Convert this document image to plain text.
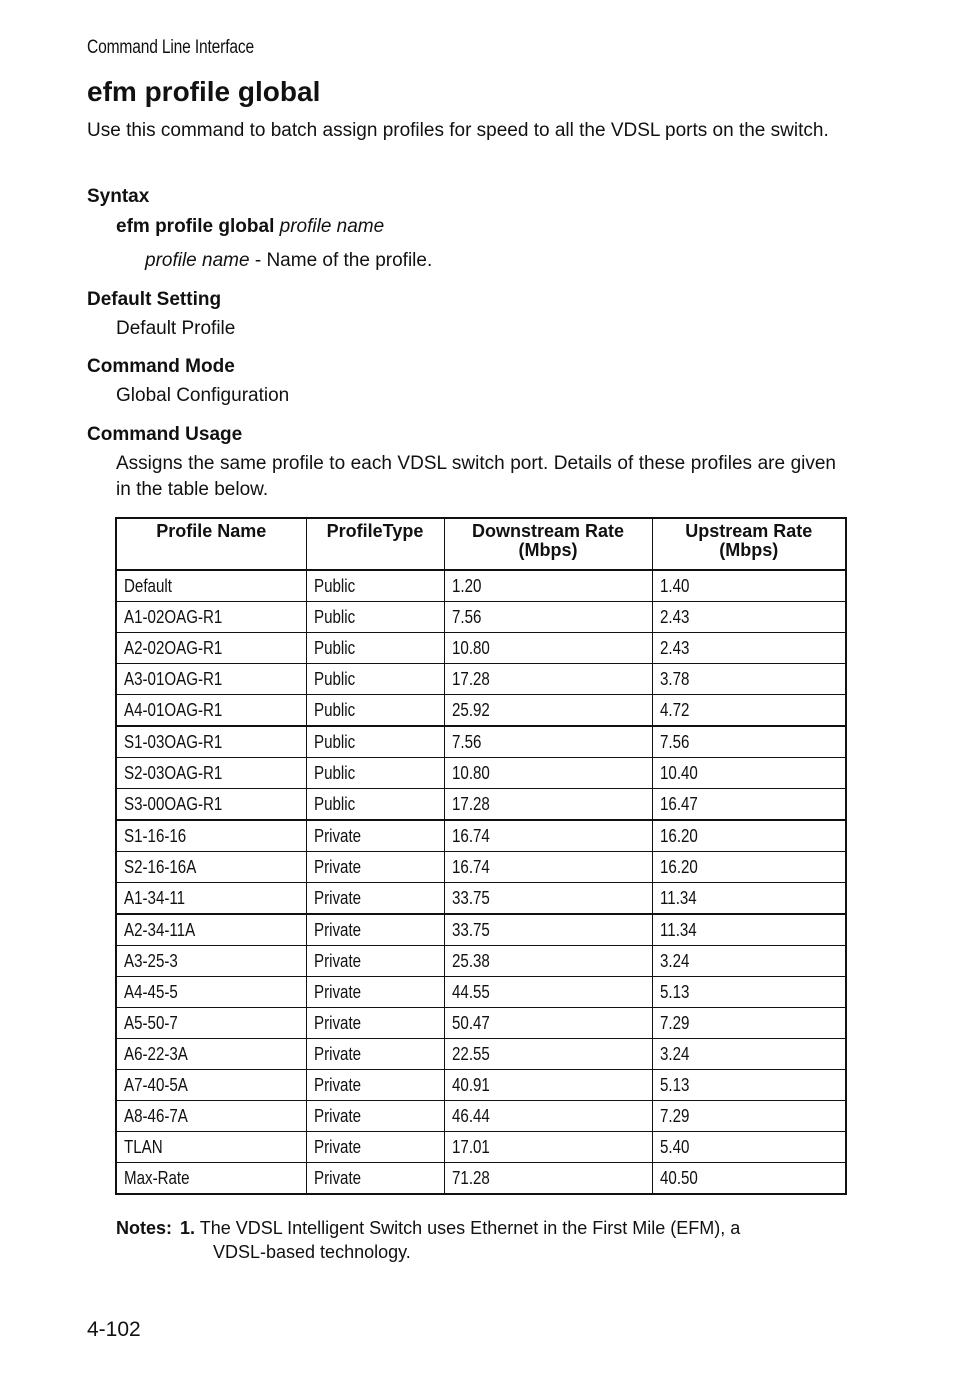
Command Line Interface
efm profile global

Use this command to batch assign profiles for speed to all the VDSL ports on the switch.

Syntax

efm profile global profile name

profile name - Name of the profile.

Default Setting

Default Profile

Command Mode

Global Configuration

Command Usage

Assigns the same profile to each VDSL switch port. Details of these profiles are given in the table below.

Profile Name	ProfileType	Downstream Rate (Mbps)	Upstream Rate (Mbps)
Default	Public	1.20	1.40
A1-02OAG-R1	Public	7.56	2.43
A2-02OAG-R1	Public	10.80	2.43
A3-01OAG-R1	Public	17.28	3.78
A4-01OAG-R1	Public	25.92	4.72
S1-03OAG-R1	Public	7.56	7.56
S2-03OAG-R1	Public	10.80	10.40
S3-00OAG-R1	Public	17.28	16.47
S1-16-16	Private	16.74	16.20
S2-16-16A	Private	16.74	16.20
A1-34-11	Private	33.75	11.34
A2-34-11A	Private	33.75	11.34
A3-25-3	Private	25.38	3.24
A4-45-5	Private	44.55	5.13
A5-50-7	Private	50.47	7.29
A6-22-3A	Private	22.55	3.24
A7-40-5A	Private	40.91	5.13
A8-46-7A	Private	46.44	7.29
TLAN	Private	17.01	5.40
Max-Rate	Private	71.28	40.50
Notes: 1. The VDSL Intelligent Switch uses Ethernet in the First Mile (EFM), a
VDSL-based technology.
4-102
